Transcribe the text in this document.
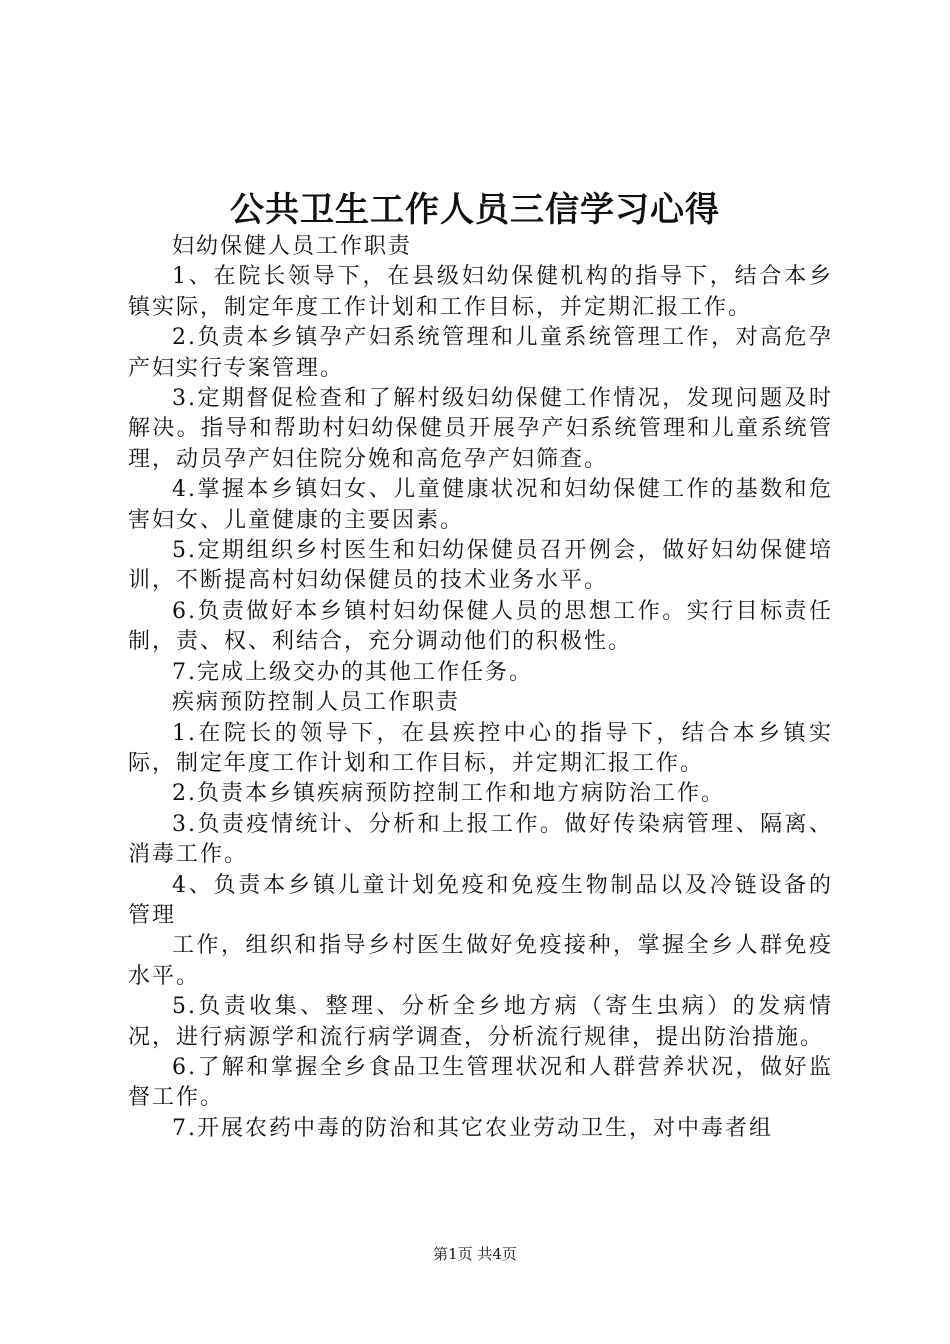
公共卫生工作人员三信学习心得

妇幼保健人员工作职责

1、在院长领导下，在县级妇幼保健机构的指导下，结合本乡镇实际，制定年度工作计划和工作目标，并定期汇报工作。

2.负责本乡镇孕产妇系统管理和儿童系统管理工作，对高危孕产妇实行专案管理。

3.定期督促检查和了解村级妇幼保健工作情况，发现问题及时解决。指导和帮助村妇幼保健员开展孕产妇系统管理和儿童系统管理，动员孕产妇住院分娩和高危孕产妇筛查。

4.掌握本乡镇妇女、儿童健康状况和妇幼保健工作的基数和危害妇女、儿童健康的主要因素。

5.定期组织乡村医生和妇幼保健员召开例会，做好妇幼保健培训，不断提高村妇幼保健员的技术业务水平。

6.负责做好本乡镇村妇幼保健人员的思想工作。实行目标责任制，责、权、利结合，充分调动他们的积极性。

7.完成上级交办的其他工作任务。

疾病预防控制人员工作职责

1.在院长的领导下，在县疾控中心的指导下，结合本乡镇实际，制定年度工作计划和工作目标，并定期汇报工作。

2.负责本乡镇疾病预防控制工作和地方病防治工作。

3.负责疫情统计、分析和上报工作。做好传染病管理、隔离、消毒工作。

4、负责本乡镇儿童计划免疫和免疫生物制品以及冷链设备的管理

工作，组织和指导乡村医生做好免疫接种，掌握全乡人群免疫水平。

5.负责收集、整理、分析全乡地方病（寄生虫病）的发病情况，进行病源学和流行病学调查，分析流行规律，提出防治措施。

6.了解和掌握全乡食品卫生管理状况和人群营养状况，做好监督工作。

7.开展农药中毒的防治和其它农业劳动卫生，对中毒者组

第1页 共4页
